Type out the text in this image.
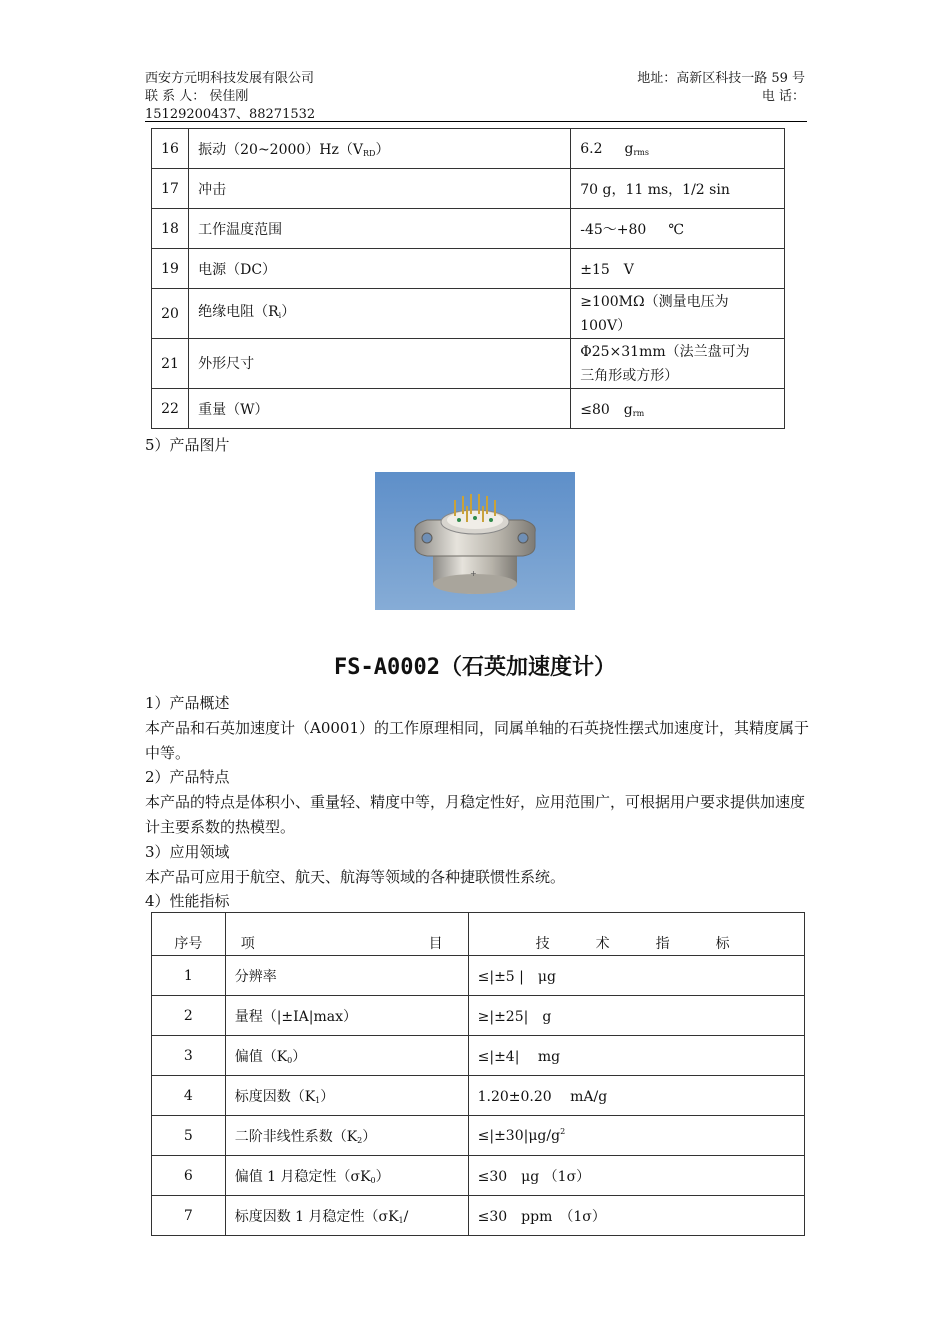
西安方元明科技发展有限公司
联 系 人： 侯佳刚
15129200437、88271532
地址：高新区科技一路 59 号
电 话：
16	振动$(20\sim 2000)Hz(V_{RD})$	6.2 $g_{rms}$
17	冲击	70 g，11 ms，1/2 sin
18	工作温度范围	-45～+80 ℃
19	电源（DC）	±15　 V
20	绝缘电阻$(R_i)$	≥100MΩ（测量电压为
100V）

21	外形尺寸	Φ25×31mm（法兰盘可为
三角形或方形）

22	重量（W）	≤80　 $g_{rm}$
5）产品图片
+
FS-A0002（石英加速度计）
1）产品概述
本产品和石英加速度计（A0001）的工作原理相同，同属单轴的石英挠性摆式加速度计，其精度属于中等。
2）产品特点
本产品的特点是体积小、重量轻、精度中等，月稳定性好，应用范围广，可根据用户要求提供加速度计主要系数的热模型。
3）应用领域
本产品可应用于航空、航天、航海等领域的各种捷联惯性系统。
4）性能指标
序号	项 目	技 术 指 标
1	分辨率	≤|±5 |　μg
2	量程（|±IA|max）	≥|±25|　g
3	偏值$(K_0)$	≤|±4|　 mg
4	标度因数$(K_1)$	1.20±0.20　 mA/g
5	二阶非线性系数$(K_2)$	$\le|\pm 30|\mu g/g^2$
6	偏值 1 月稳定性$(\sigma K_0)$	≤30　μg （1σ）
7	标度因数 1 月稳定性（$\sigma K_1/$	≤30　ppm　（1σ）
